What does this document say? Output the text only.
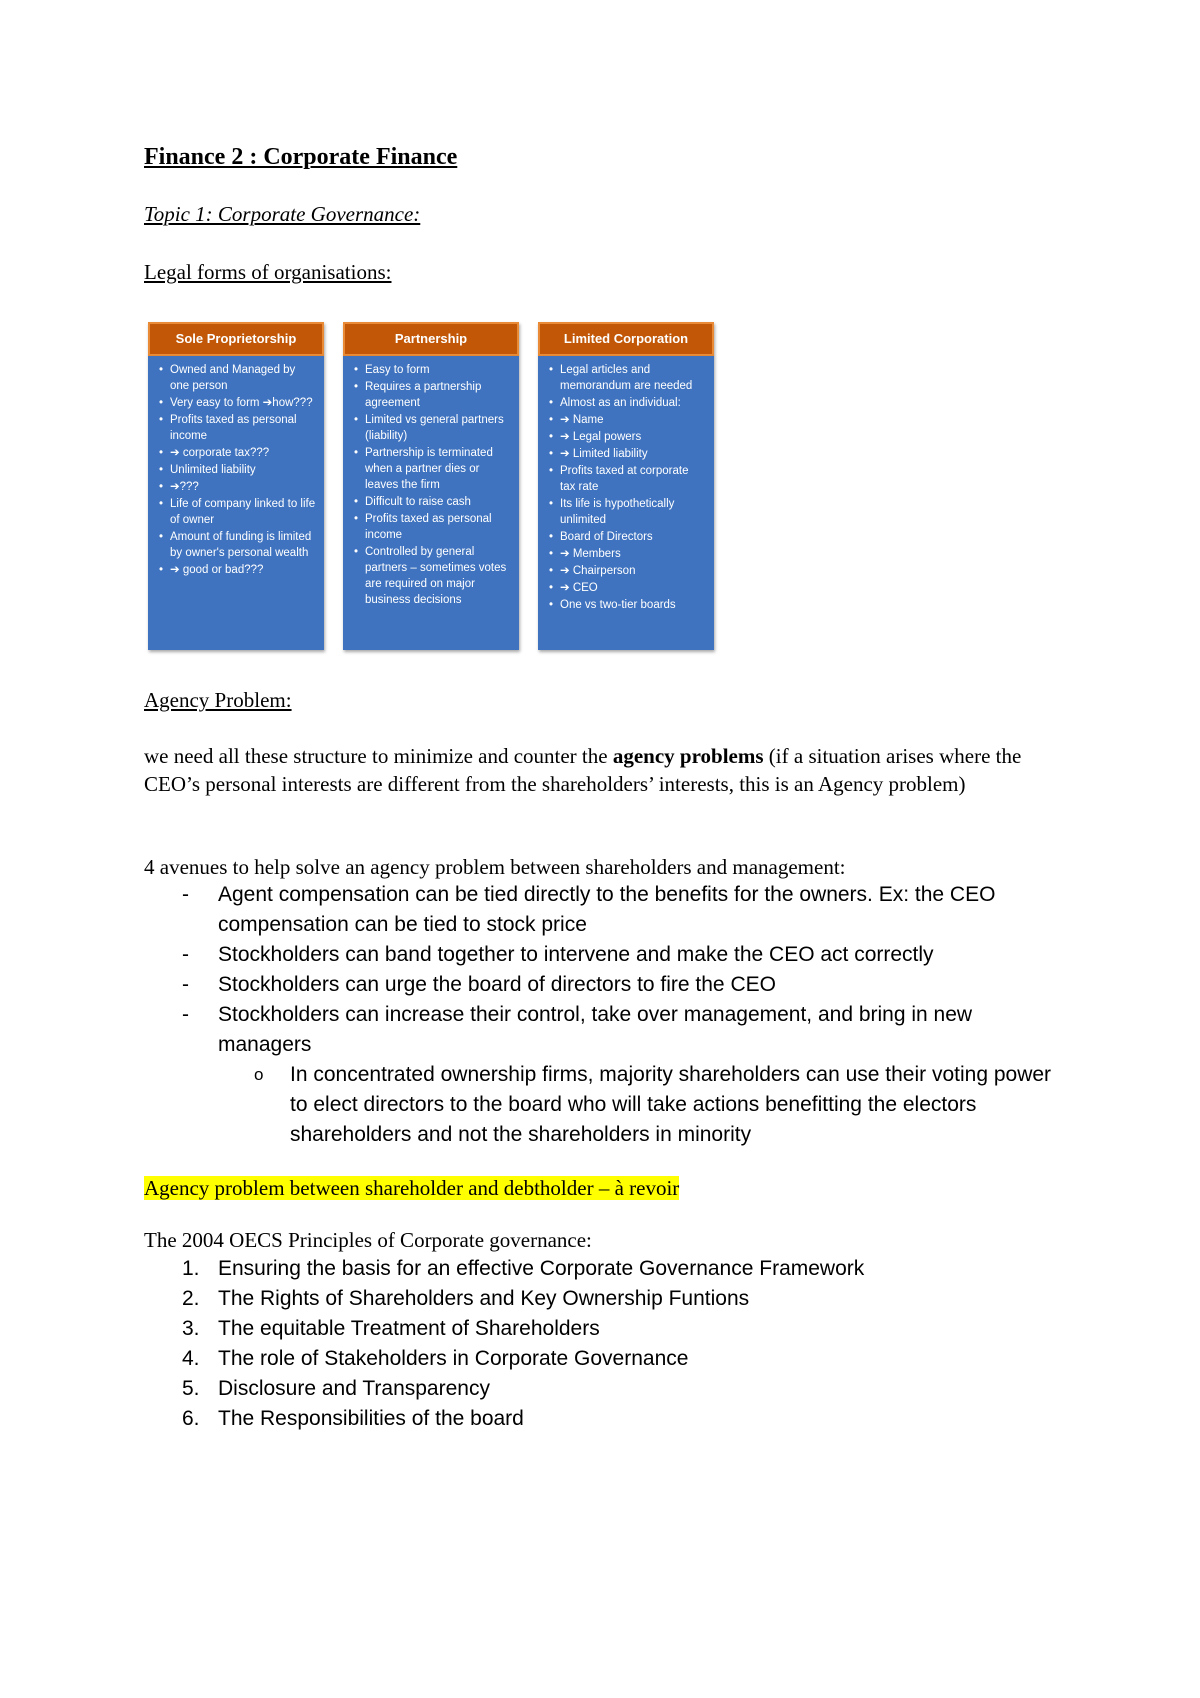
Finance 2 : Corporate Finance
Topic 1: Corporate Governance:
Legal forms of organisations:
Sole Proprietorship
• Owned and Managed by one person
• Very easy to form ➔how???
• Profits taxed as personal income
• ➔ corporate tax???
• Unlimited liability
• ➔???
• Life of company linked to life of owner
• Amount of funding is limited by owner's personal wealth
• ➔ good or bad???
Partnership
• Easy to form
• Requires a partnership agreement
• Limited vs general partners (liability)
• Partnership is terminated when a partner dies or leaves the firm
• Difficult to raise cash
• Profits taxed as personal income
• Controlled by general partners – sometimes votes are required on major business decisions
Limited Corporation
• Legal articles and memorandum are needed
• Almost as an individual:
• ➔ Name
• ➔ Legal powers
• ➔ Limited liability
• Profits taxed at corporate tax rate
• Its life is hypothetically unlimited
• Board of Directors
• ➔ Members
• ➔ Chairperson
• ➔ CEO
• One vs two-tier boards
Agency Problem:
we need all these structure to minimize and counter the agency problems (if a situation arises where the CEO’s personal interests are different from the shareholders’ interests, this is an Agency problem)
4 avenues to help solve an agency problem between shareholders and management:
- Agent compensation can be tied directly to the benefits for the owners. Ex: the CEO compensation can be tied to stock price
- Stockholders can band together to intervene and make the CEO act correctly
- Stockholders can urge the board of directors to fire the CEO
- Stockholders can increase their control, take over management, and bring in new managers
o In concentrated ownership firms, majority shareholders can use their voting power to elect directors to the board who will take actions benefitting the electors shareholders and not the shareholders in minority
Agency problem between shareholder and debtholder – à revoir
The 2004 OECS Principles of Corporate governance:
1. Ensuring the basis for an effective Corporate Governance Framework
2. The Rights of Shareholders and Key Ownership Funtions
3. The equitable Treatment of Shareholders
4. The role of Stakeholders in Corporate Governance
5. Disclosure and Transparency
6. The Responsibilities of the board
